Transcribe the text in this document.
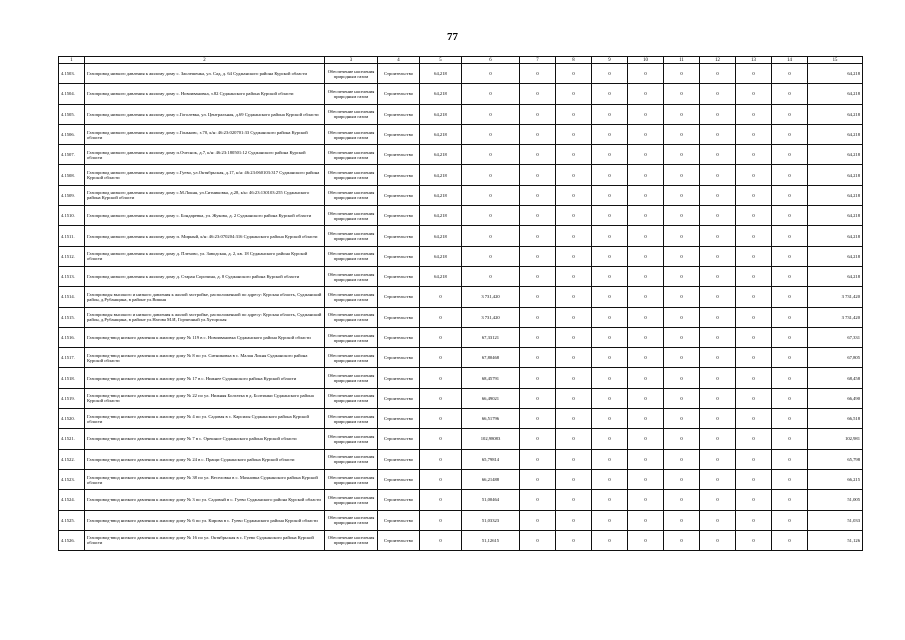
77
1	2	3	4	5	6	7	8	9	10	11	12	13	14	15
4.1503.	Газопровод низкого давления к жилому дому с. Заолешенка, ул. Сад, д. 64 Суджанского района Курской области	Обеспечение населения природным газом	Строительство	64,218	0	0	0	0	0	0	0	0	0	64,218
4.1504.	Газопровод низкого давления к жилому дому с. Новоивановка, з.82 Суджанского района Курской области	Обеспечение населения природным газом	Строительство	64,218	0	0	0	0	0	0	0	0	0	64,218
4.1505.	Газопровод низкого давления к жилому дому с.Гоголевка, ул. Центральная, д.69 Суджанского района Курской области	Обеспечение населения природным газом	Строительство	64,218	0	0	0	0	0	0	0	0	0	64,218
4.1506.	Газопровод низкого давления к жилому дому с.Гоньковс, з.70, к/н: 46:23:020701:33 Суджанского района Курской области	Обеспечение населения природным газом	Строительство	64,218	0	0	0	0	0	0	0	0	0	64,218
4.1507.	Газопровод низкого давления к жилому дому п.Очеснок, д.7, к/н: 46:23:180501:12 Суджанского района Курской области	Обеспечение населения природным газом	Строительство	64,218	0	0	0	0	0	0	0	0	0	64,218
4.1508.	Газопровод низкого давления к жилому дому с.Гуево, ул.Октябрьская, д.17, к/н: 46:23:060103:317 Суджанского района Курской области	Обеспечение населения природным газом	Строительство	64,218	0	0	0	0	0	0	0	0	0	64,218
4.1509.	Газопровод низкого давления к жилому дому с.М.Локня, ул.Ситниковка, д.28, к/н: 46:23:130103:255 Суджанского района Курской области	Обеспечение населения природным газом	Строительство	64,218	0	0	0	0	0	0	0	0	0	64,218
4.1510.	Газопровод низкого давления к жилому дому с. Бондаревка, ул. Жукова, д. 2 Суджанского района Курской области	Обеспечение населения природным газом	Строительство	64,218	0	0	0	0	0	0	0	0	0	64,218
4.1511.	Газопровод низкого давления к жилому дому п. Мирный, к/н: 46:23:070204:316 Суджанского района Курской области	Обеспечение населения природным газом	Строительство	64,218	0	0	0	0	0	0	0	0	0	64,218
4.1512.	Газопровод низкого давления к жилому дому д. Плехово, ул. Заводская, д. 2, кв. 18 Суджанского района Курской области	Обеспечение населения природным газом	Строительство	64,218	0	0	0	0	0	0	0	0	0	64,218
4.1513.	Газопровод низкого давления к жилому дому д. Старая Сорочина, д. 8 Суджанского района Курской области	Обеспечение населения природным газом	Строительство	64,218	0	0	0	0	0	0	0	0	0	64,218
4.1514.	Газопроводы высокого и низкого давления к жилой застройке, расположенной по адресу: Курская область, Суджанский район, д.Рубанщина, в районе ул.Вишня	Обеспечение населения природным газом	Строительство	0	3 731,420	0	0	0	0	0	0	0	0	3 731,420
4.1515.	Газопроводы высокого и низкого давления к жилой застройке, расположенной по адресу: Курская область, Суджанский район, д.Рубанщина, в районе ул.Нагова М.И, Горчичный ул.Хуторская	Обеспечение населения природным газом	Строительство	0	3 731,420	0	0	0	0	0	0	0	0	3 731,420
4.1516.	Газопровод-ввод низкого давления к жилому дому № 119 в с. Новоивановка Суджанского района Курской области	Обеспечение населения природным газом	Строительство	0	67,33121	0	0	0	0	0	0	0	0	67,331
4.1517.	Газопровод-ввод низкого давления к жилому дому № 8 по ул. Ситниковка в с. Малая Локня Суджанского района Курской области	Обеспечение населения природным газом	Строительство	0	67,80468	0	0	0	0	0	0	0	0	67,805
4.1518.	Газопровод-ввод низкого давления к жилому дому № 17 в с. Нижнее Суджанского района Курской области	Обеспечение населения природным газом	Строительство	0	68,45791	0	0	0	0	0	0	0	0	68,458
4.1519.	Газопровод-ввод низкого давления к жилому дому № 22 по ул. Нижняя Болгатка в д. Болтинки Суджанского района Курской области	Обеспечение населения природным газом	Строительство	0	66,49021	0	0	0	0	0	0	0	0	66,490
4.1520.	Газопровод-ввод низкого давления к жилому дому № 4 по ул. Садовая в с. Карсилы Суджанского района Курской области	Обеспечение населения природным газом	Строительство	0	66,51796	0	0	0	0	0	0	0	0	66,518
4.1521.	Газопровод-ввод низкого давления к жилому дому № 7 в с. Орешное Суджанского района Курской области	Обеспечение населения природным газом	Строительство	0	102,98083	0	0	0	0	0	0	0	0	102,981
4.1522.	Газопровод-ввод низкого давления к жилому дому № 24 в с. Пращи Суджанского района Курской области	Обеспечение населения природным газом	Строительство	0	65,79814	0	0	0	0	0	0	0	0	65,798
4.1523.	Газопровод-ввод низкого давления к жилому дому № 38 по ул. Веселовка в с. Махновка Суджанского района Курской области	Обеспечение населения природным газом	Строительство	0	66,21488	0	0	0	0	0	0	0	0	66,215
4.1524.	Газопровод-ввод низкого давления к жилому дому № 3 по ул. Садовый в с. Гуево Суджанского района Курской области	Обеспечение населения природным газом	Строительство	0	51,00464	0	0	0	0	0	0	0	0	51,005
4.1525.	Газопровод-ввод низкого давления к жилому дому № 6 по ул. Кирова в с. Гуево Суджанского района Курской области	Обеспечение населения природным газом	Строительство	0	51,03323	0	0	0	0	0	0	0	0	51,033
4.1526.	Газопровод-ввод низкого давления к жилому дому № 16 по ул. Октябрьская в с. Гуево Суджанского района Курской области	Обеспечение населения природным газом	Строительство	0	51,12615	0	0	0	0	0	0	0	0	51,126
